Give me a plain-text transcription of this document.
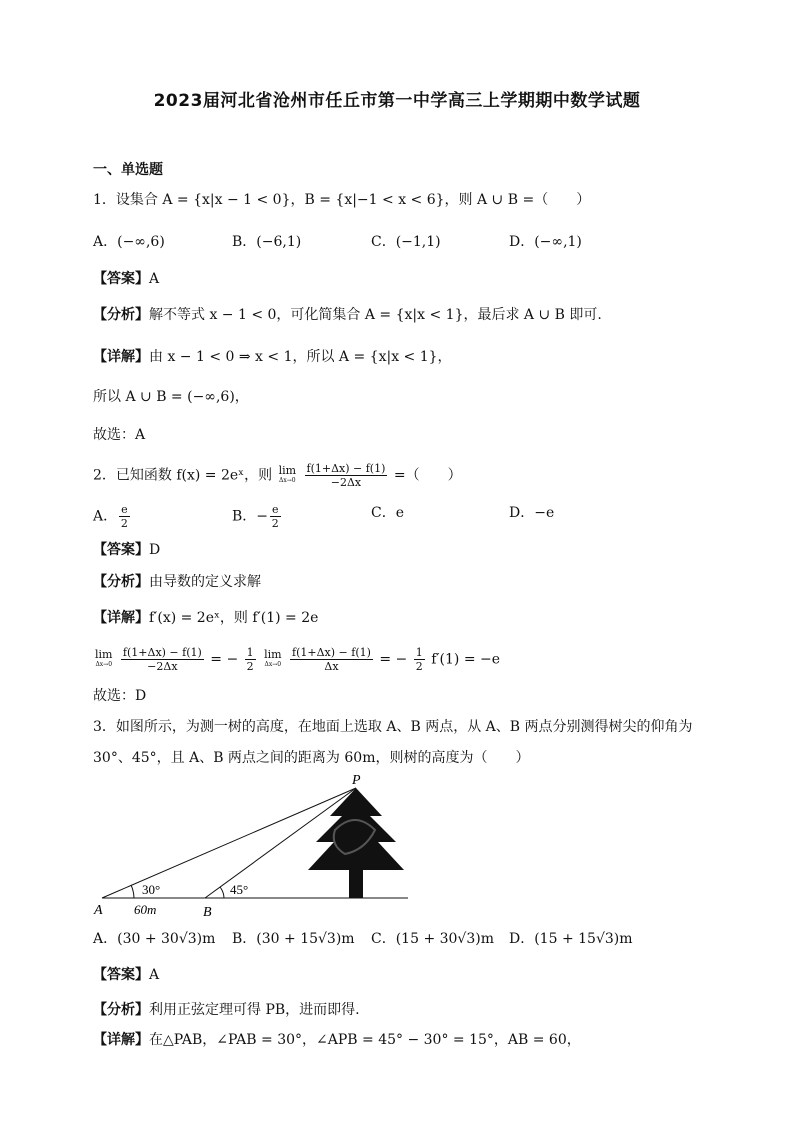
2023届河北省沧州市任丘市第一中学高三上学期期中数学试题
一、单选题
1．设集合 A = {x|x − 1 < 0}，B = {x|−1 < x < 6}，则 A ∪ B =（　　）
A．(−∞,6)	B．(−6,1)	C．(−1,1)	D．(−∞,1)
【答案】A
【分析】解不等式 x − 1 < 0，可化简集合 A = {x|x < 1}，最后求 A ∪ B 即可.
【详解】由 x − 1 < 0 ⇒ x < 1，所以 A = {x|x < 1}，
所以 A ∪ B = (−∞,6)，
故选：A
2．已知函数 f(x) = 2eˣ，则 lim
Δx→0
$\frac{f(1+\Delta x) - f(1)}{-2\Delta x}$ =（　　）
A． $\frac{e}{2}$	B．− $\frac{e}{2}$	C．e	D．−e
【答案】D
【分析】由导数的定义求解
【详解】f′(x) = 2eˣ，则 f′(1) = 2e
lim
Δx→0
$\frac{f(1+\Delta x) - f(1)}{-2\Delta x}$ = − $\frac{1}{2}$ lim
Δx→0
$\frac{f(1+\Delta x) - f(1)}{\Delta x}$ = − $\frac{1}{2} f'(1) = -e$
故选：D
3．如图所示，为测一树的高度，在地面上选取 A、B 两点，从 A、B 两点分别测得树尖的仰角为
30°、45°，且 A、B 两点之间的距离为 60m，则树的高度为（　　）
P
A	B
30°	45°
60m
A．(30 + 30√3)m B．(30 + 15√3)m C．(15 + 30√3)m D．(15 + 15√3)m
【答案】A
【分析】利用正弦定理可得 PB，进而即得.
【详解】在△PAB，∠PAB = 30°，∠APB = 45° − 30° = 15°，AB = 60，
